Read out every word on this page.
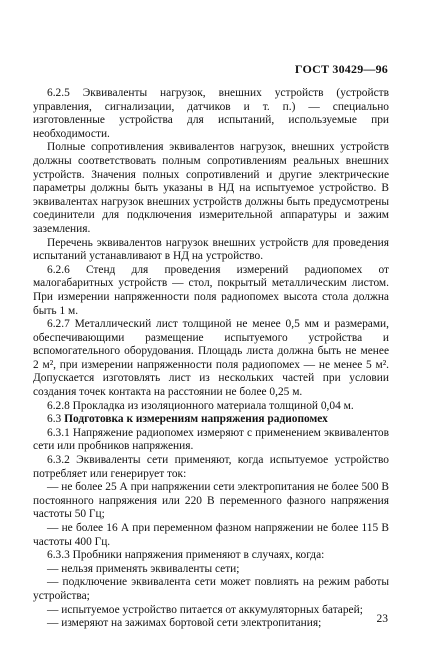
ГОСТ 30429—96

6.2.5 Эквиваленты нагрузок, внешних устройств (устройств управления, сигнализации, датчиков и т. п.) — специально изготовленные устройства для испытаний, используемые при необходимости.

Полные сопротивления эквивалентов нагрузок, внешних устройств должны соответствовать полным сопротивлениям реальных внешних устройств. Значения полных сопротивлений и другие электрические параметры должны быть указаны в НД на испытуемое устройство. В эквивалентах нагрузок внешних устройств должны быть предусмотрены соединители для подключения измерительной аппаратуры и зажим заземления.

Перечень эквивалентов нагрузок внешних устройств для проведения испытаний устанавливают в НД на устройство.

6.2.6 Стенд для проведения измерений радиопомех от малогабаритных устройств — стол, покрытый металлическим листом. При измерении напряженности поля радиопомех высота стола должна быть 1 м.

6.2.7 Металлический лист толщиной не менее 0,5 мм и размерами, обеспечивающими размещение испытуемого устройства и вспомогательного оборудования. Площадь листа должна быть не менее 2 м², при измерении напряженности поля радиопомех — не менее 5 м². Допускается изготовлять лист из нескольких частей при условии создания точек контакта на расстоянии не более 0,25 м.

6.2.8 Прокладка из изоляционного материала толщиной 0,04 м.

6.3 Подготовка к измерениям напряжения радиопомех

6.3.1 Напряжение радиопомех измеряют с применением эквивалентов сети или пробников напряжения.

6.3.2 Эквиваленты сети применяют, когда испытуемое устройство потребляет или генерирует ток:

— не более 25 А при напряжении сети электропитания не более 500 В постоянного напряжения или 220 В переменного фазного напряжения частоты 50 Гц;

— не более 16 А при переменном фазном напряжении не более 115 В частоты 400 Гц.

6.3.3 Пробники напряжения применяют в случаях, когда:

— нельзя применять эквиваленты сети;

— подключение эквивалента сети может повлиять на режим работы устройства;

— испытуемое устройство питается от аккумуляторных батарей;

— измеряют на зажимах бортовой сети электропитания;	23
